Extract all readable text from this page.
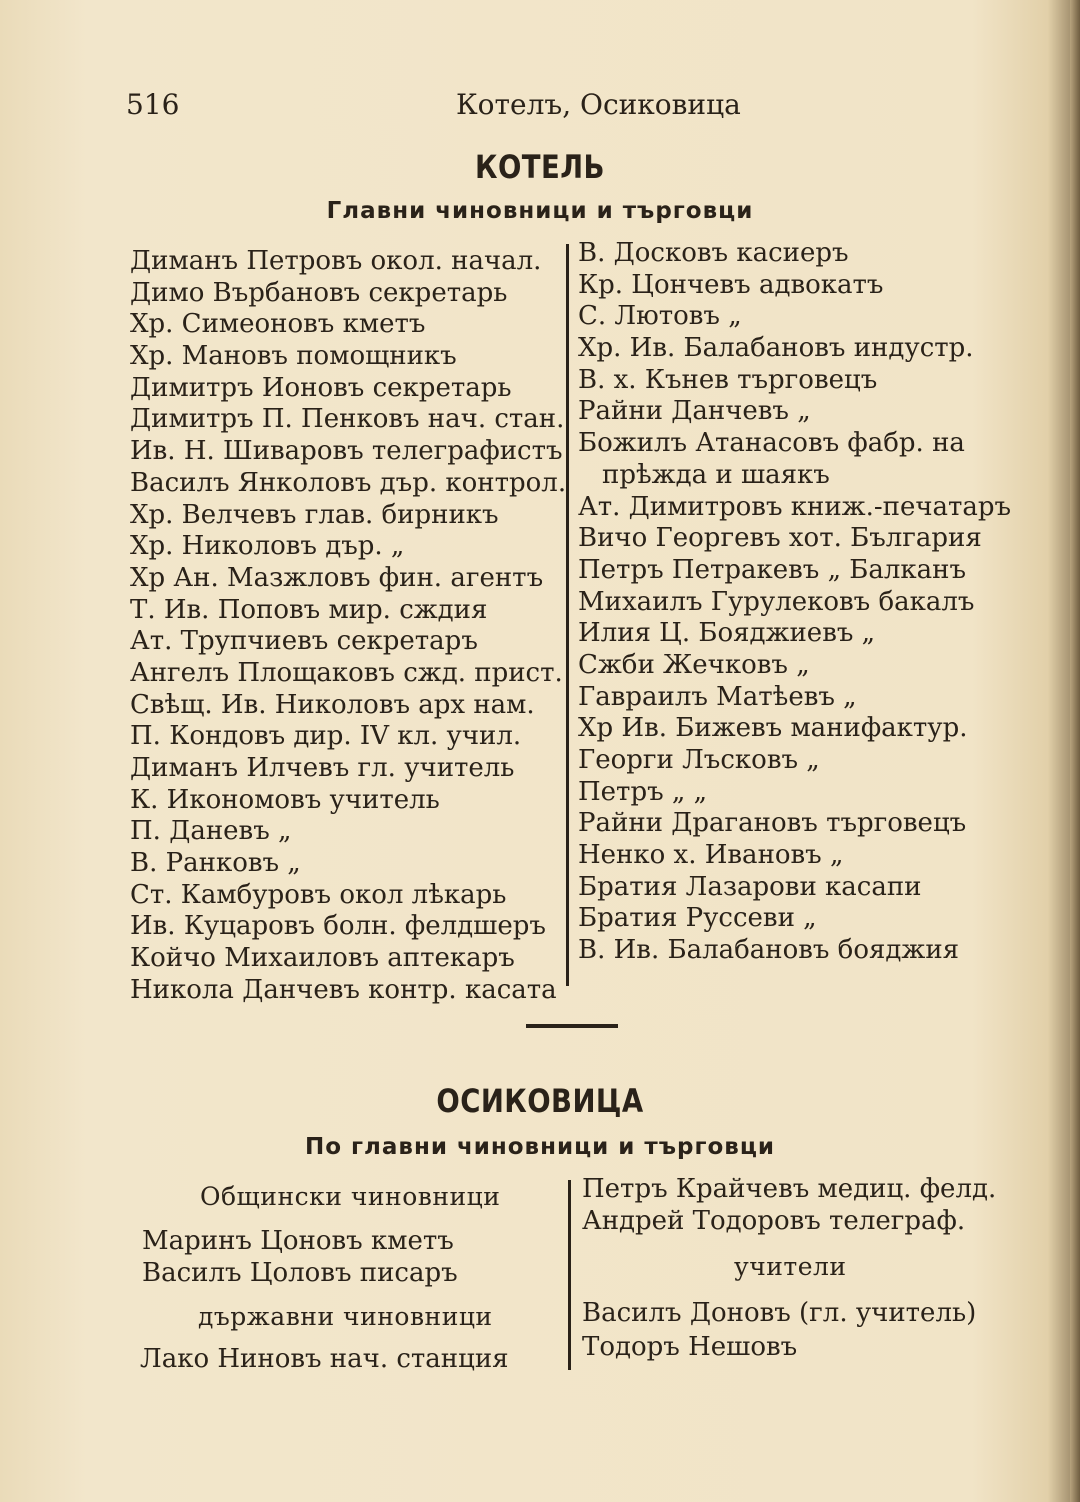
516	Котелъ, Осиковица
КОТЕЛЬ
Главни чиновници и търговци
Диманъ Петровъ окол. начал.
Димо Върбановъ секретарь
Хр. Симеоновъ кметъ
Хр. Мановъ помощникъ
Димитръ Ионовъ секретарь
Димитръ П. Пенковъ нач. стан.
Ив. Н. Шиваровъ телеграфистъ
Василъ Янколовъ дър. контрол.
Хр. Велчевъ глав. бирникъ
Хр. Николовъ дър. „
Хр Ан. Мазжловъ фин. агентъ
Т. Ив. Поповъ мир. сждия
Ат. Трупчиевъ секретаръ
Ангелъ Площаковъ сжд. прист.
Свѣщ. Ив. Николовъ арх нам.
П. Кондовъ дир. IV кл. учил.
Диманъ Илчевъ гл. учитель
К. Икономовъ учитель
П. Даневъ „
В. Ранковъ „
Ст. Камбуровъ окол лѣкарь
Ив. Куцаровъ болн. фелдшеръ
Койчо Михаиловъ аптекаръ
Никола Данчевъ контр. касата
В. Досковъ касиеръ
Кр. Цончевъ адвокатъ
С. Лютовъ „
Хр. Ив. Балабановъ индустр.
В. х. Кънев търговецъ
Райни Данчевъ „
Божилъ Атанасовъ фабр. на
прѣжда и шаякъ
Ат. Димитровъ книж.-печатаръ
Вичо Георгевъ хот. България
Петръ Петракевъ „ Балканъ
Михаилъ Гурулековъ бакалъ
Илия Ц. Бояджиевъ „
Сжби Жечковъ „
Гавраилъ Матѣевъ „
Хр Ив. Бижевъ манифактур.
Георги Лъсковъ „
Петръ „ „
Райни Драгановъ търговецъ
Ненко х. Ивановъ „
Братия Лазарови касапи
Братия Руссеви „
В. Ив. Балабановъ бояджия
ОСИКОВИЦА
По главни чиновници и търговци
Общински чиновници
Маринъ Цоновъ кметъ
Василъ Цоловъ писаръ
държавни чиновници
Лако Ниновъ нач. станция
Петръ Крайчевъ медиц. фелд.
Андрей Тодоровъ телеграф.
учители
Василъ Доновъ (гл. учитель)
Тодоръ Нешовъ
